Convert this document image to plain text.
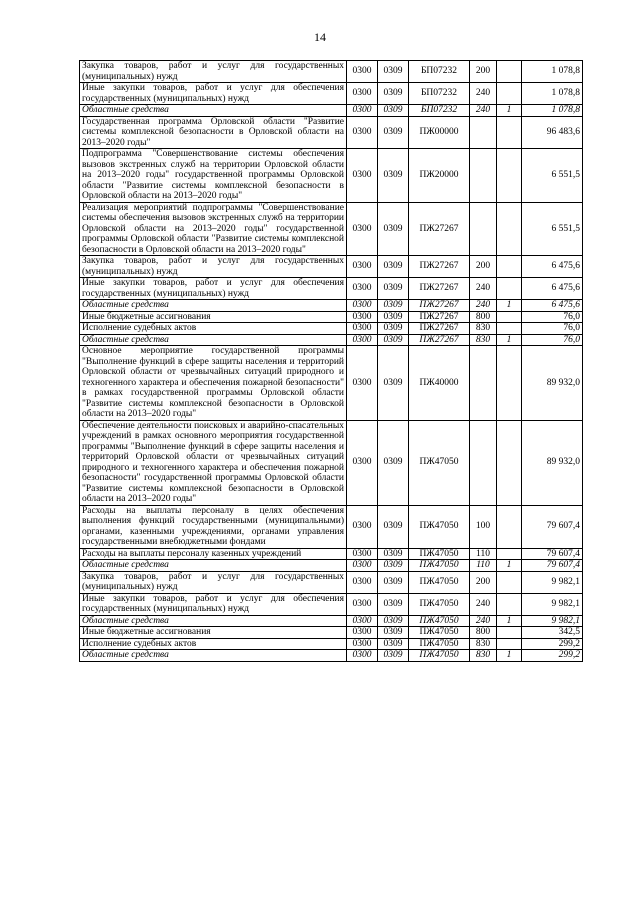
14
Закупка товаров, работ и услуг для государственных (муниципальных) нужд	0300	0309	БП07232	200		1 078,8
Иные закупки товаров, работ и услуг для обеспечения государственных (муниципальных) нужд	0300	0309	БП07232	240		1 078,8
Областные средства	0300	0309	БП07232	240	1	1 078,8
Государственная программа Орловской области "Развитие системы комплексной безопасности в Орловской области на 2013–2020 годы"	0300	0309	ПЖ00000			96 483,6
Подпрограмма "Совершенствование системы обеспечения вызовов экстренных служб на территории Орловской области на 2013–2020 годы" государственной программы Орловской области "Развитие системы комплексной безопасности в Орловской области на 2013–2020 годы"	0300	0309	ПЖ20000			6 551,5
Реализация мероприятий подпрограммы "Совершенствование системы обеспечения вызовов экстренных служб на территории Орловской области на 2013–2020 годы" государственной программы Орловской области "Развитие системы комплексной безопасности в Орловской области на 2013–2020 годы"	0300	0309	ПЖ27267			6 551,5
Закупка товаров, работ и услуг для государственных (муниципальных) нужд	0300	0309	ПЖ27267	200		6 475,6
Иные закупки товаров, работ и услуг для обеспечения государственных (муниципальных) нужд	0300	0309	ПЖ27267	240		6 475,6
Областные средства	0300	0309	ПЖ27267	240	1	6 475,6
Иные бюджетные ассигнования	0300	0309	ПЖ27267	800		76,0
Исполнение судебных актов	0300	0309	ПЖ27267	830		76,0
Областные средства	0300	0309	ПЖ27267	830	1	76,0
Основное мероприятие государственной программы "Выполнение функций в сфере защиты населения и территорий Орловской области от чрезвычайных ситуаций природного и техногенного характера и обеспечения пожарной безопасности" в рамках государственной программы Орловской области "Развитие системы комплексной безопасности в Орловской области на 2013–2020 годы"	0300	0309	ПЖ40000			89 932,0
Обеспечение деятельности поисковых и аварийно-спасательных учреждений в рамках основного мероприятия государственной программы "Выполнение функций в сфере защиты населения и территорий Орловской области от чрезвычайных ситуаций природного и техногенного характера и обеспечения пожарной безопасности" государственной программы Орловской области "Развитие системы комплексной безопасности в Орловской области на 2013–2020 годы"	0300	0309	ПЖ47050			89 932,0
Расходы на выплаты персоналу в целях обеспечения выполнения функций государственными (муниципальными) органами, казенными учреждениями, органами управления государственными внебюджетными фондами	0300	0309	ПЖ47050	100		79 607,4
Расходы на выплаты персоналу казенных учреждений	0300	0309	ПЖ47050	110		79 607,4
Областные средства	0300	0309	ПЖ47050	110	1	79 607,4
Закупка товаров, работ и услуг для государственных (муниципальных) нужд	0300	0309	ПЖ47050	200		9 982,1
Иные закупки товаров, работ и услуг для обеспечения государственных (муниципальных) нужд	0300	0309	ПЖ47050	240		9 982,1
Областные средства	0300	0309	ПЖ47050	240	1	9 982,1
Иные бюджетные ассигнования	0300	0309	ПЖ47050	800		342,5
Исполнение судебных актов	0300	0309	ПЖ47050	830		299,2
Областные средства	0300	0309	ПЖ47050	830	1	299,2
